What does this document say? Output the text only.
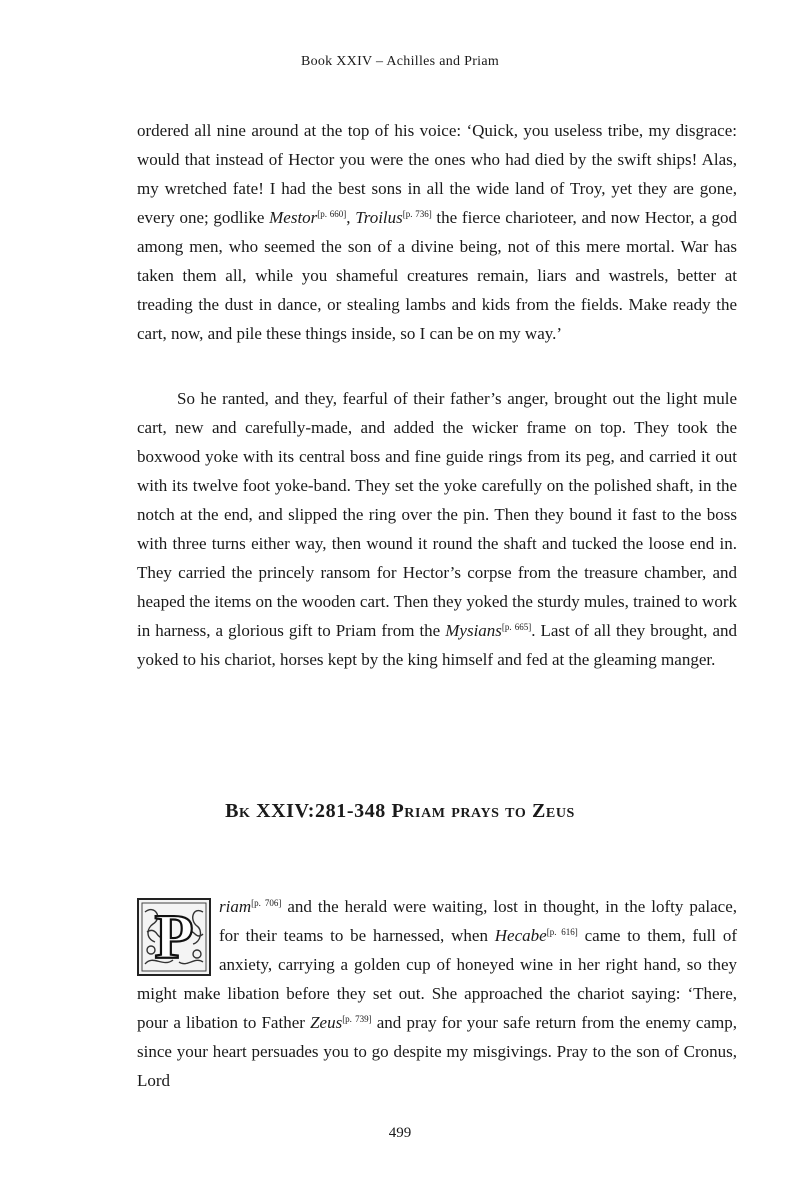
Book XXIV – Achilles and Priam

ordered all nine around at the top of his voice: ‘Quick, you useless tribe, my disgrace: would that instead of Hector you were the ones who had died by the swift ships! Alas, my wretched fate! I had the best sons in all the wide land of Troy, yet they are gone, every one; godlike Mestor[p. 660], Troilus[p. 736] the fierce charioteer, and now Hector, a god among men, who seemed the son of a divine being, not of this mere mortal. War has taken them all, while you shameful creatures remain, liars and wastrels, better at treading the dust in dance, or stealing lambs and kids from the fields. Make ready the cart, now, and pile these things inside, so I can be on my way.’

So he ranted, and they, fearful of their father’s anger, brought out the light mule cart, new and carefully-made, and added the wicker frame on top. They took the boxwood yoke with its central boss and fine guide rings from its peg, and carried it out with its twelve foot yoke-band. They set the yoke carefully on the polished shaft, in the notch at the end, and slipped the ring over the pin. Then they bound it fast to the boss with three turns either way, then wound it round the shaft and tucked the loose end in. They carried the princely ransom for Hector’s corpse from the treasure chamber, and heaped the items on the wooden cart. Then they yoked the sturdy mules, trained to work in harness, a glorious gift to Priam from the Mysians[p. 665]. Last of all they brought, and yoked to his chariot, horses kept by the king himself and fed at the gleaming manger.

Bk XXIV:281-348 Priam prays to Zeus
P	riam[p. 706] and the herald were waiting, lost in thought, in the lofty palace, for their teams to be harnessed, when Hecabe[p. 616] came to them, full of anxiety, carrying a golden cup of honeyed wine in her right hand, so they might make libation before they set out. She approached the chariot saying: ‘There, pour a libation to Father Zeus[p. 739] and pray for your safe return from the enemy camp, since your heart persuades you to go despite my misgivings. Pray to the son of Cronus, Lord

499
